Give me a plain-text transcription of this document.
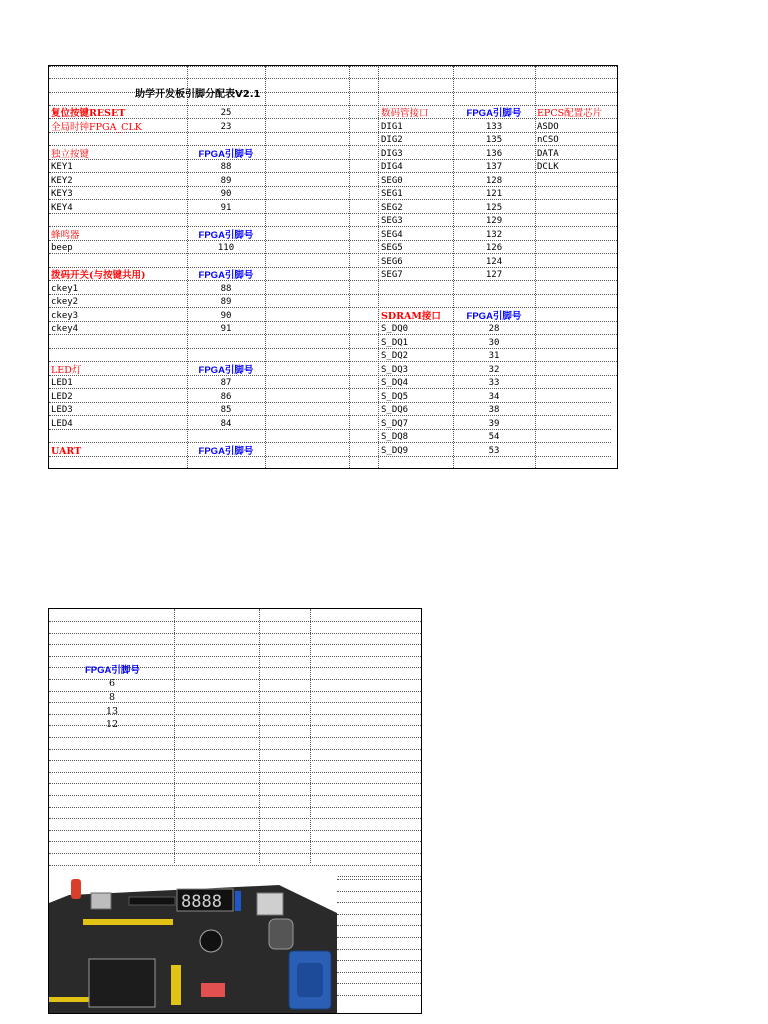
助学开发板引脚分配表V2.1
复位按键RESET	25
全局时钟FPGA_CLK	23
独立按键	FPGA引脚号
KEY1	88
KEY2	89
KEY3	90
KEY4	91
蜂鸣器	FPGA引脚号
beep	110
拨码开关(与按键共用)	FPGA引脚号
ckey1	88
ckey2	89
ckey3	90
ckey4	91
LED灯	FPGA引脚号
LED1	87
LED2	86
LED3	85
LED4	84
UART	FPGA引脚号
数码管接口	FPGA引脚号	EPCS配置芯片
DIG1	133	ASDO
DIG2	135	nCSO
DIG3	136	DATA
DIG4	137	DCLK
SEG0	128
SEG1	121
SEG2	125
SEG3	129
SEG4	132
SEG5	126
SEG6	124
SEG7	127
SDRAM接口	FPGA引脚号
S_DQ0	28
S_DQ1	30
S_DQ2	31
S_DQ3	32
S_DQ4	33
S_DQ5	34
S_DQ6	38
S_DQ7	39
S_DQ8	54
S_DQ9	53
FPGA引脚号
6
8
13
12
8888
